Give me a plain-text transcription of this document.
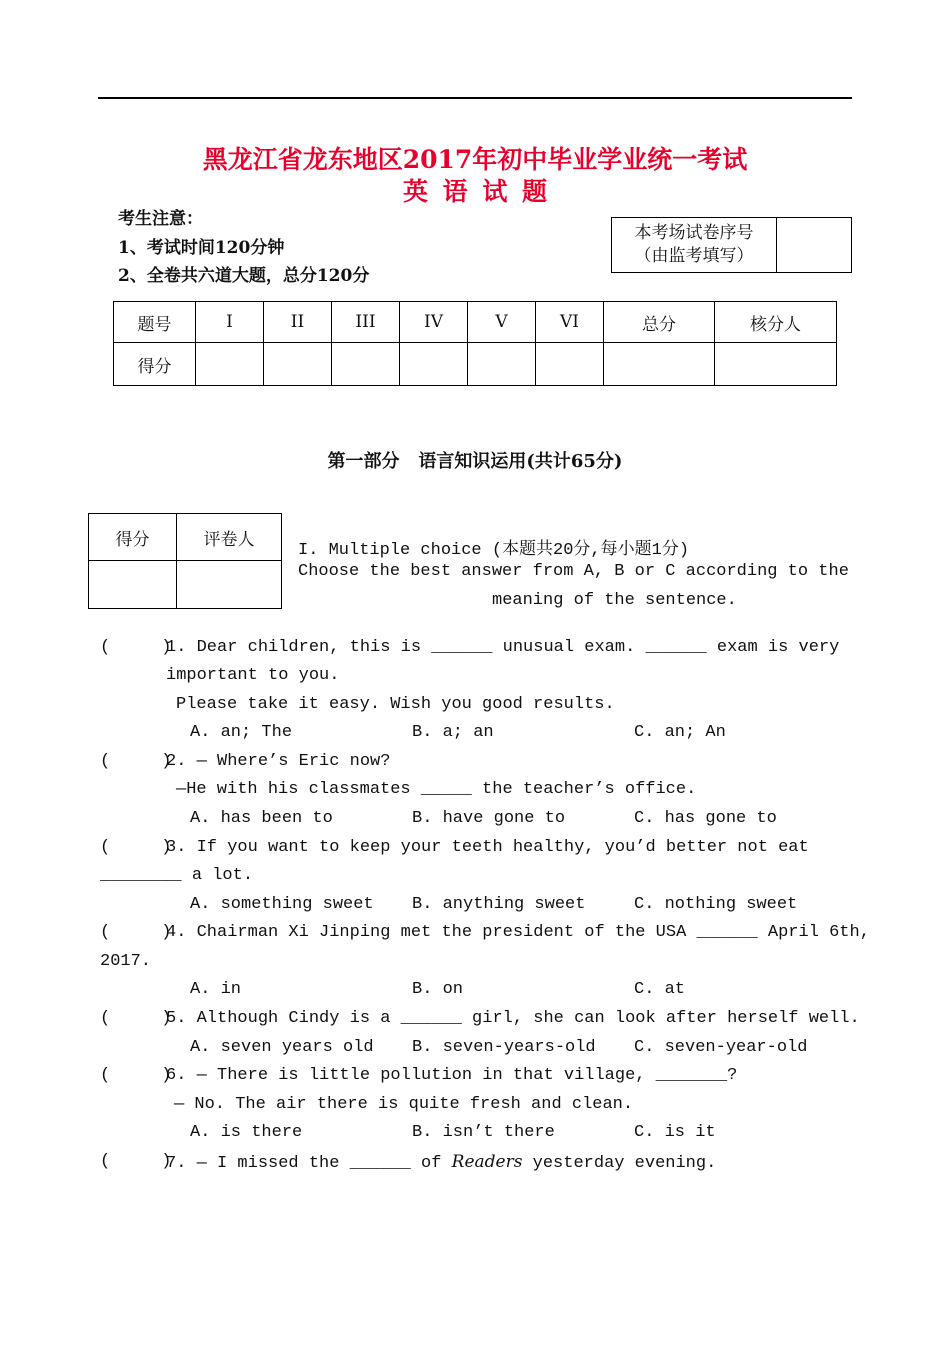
黑龙江省龙东地区2017年初中毕业学业统一考试
英 语 试 题
考生注意：
1、考试时间120分钟
2、全卷共六道大题，总分120分
本考场试卷序号
（由监考填写）	
题号	I	II	III	IV	V	VI	总分	核分人
得分								
第一部分   语言知识运用(共计65分)
得分	评卷人

I. Multiple choice (本题共20分,每小题1分)
Choose the best answer from A, B or C according to the
meaning of the sentence.
(     )
1. Dear children, this is ______ unusual exam. ______ exam is very
important to you.
Please take it easy. Wish you good results.
A. an; The	B. a; an	C. an; An
(     )
2. — Where’s Eric now?
—He with his classmates _____ the teacher’s office.
A. has been to	B. have gone to	C. has gone to
(     )
3. If you want to keep your teeth healthy, you’d better not eat
________ a lot.
A. something sweet B. anything sweet	C. nothing sweet
(     )
4. Chairman Xi Jinping met the president of the USA ______ April 6th,
2017.
A. in	B. on	C. at
(     )
5. Although Cindy is a ______ girl, she can look after herself well.
A. seven years old B. seven-years-old C. seven-year-old
(     )
6. — There is little pollution in that village, _______?
— No. The air there is quite fresh and clean.
A. is there	B. isn’t there	C. is it
(     )
7. — I missed the ______ of Readers yesterday evening.
